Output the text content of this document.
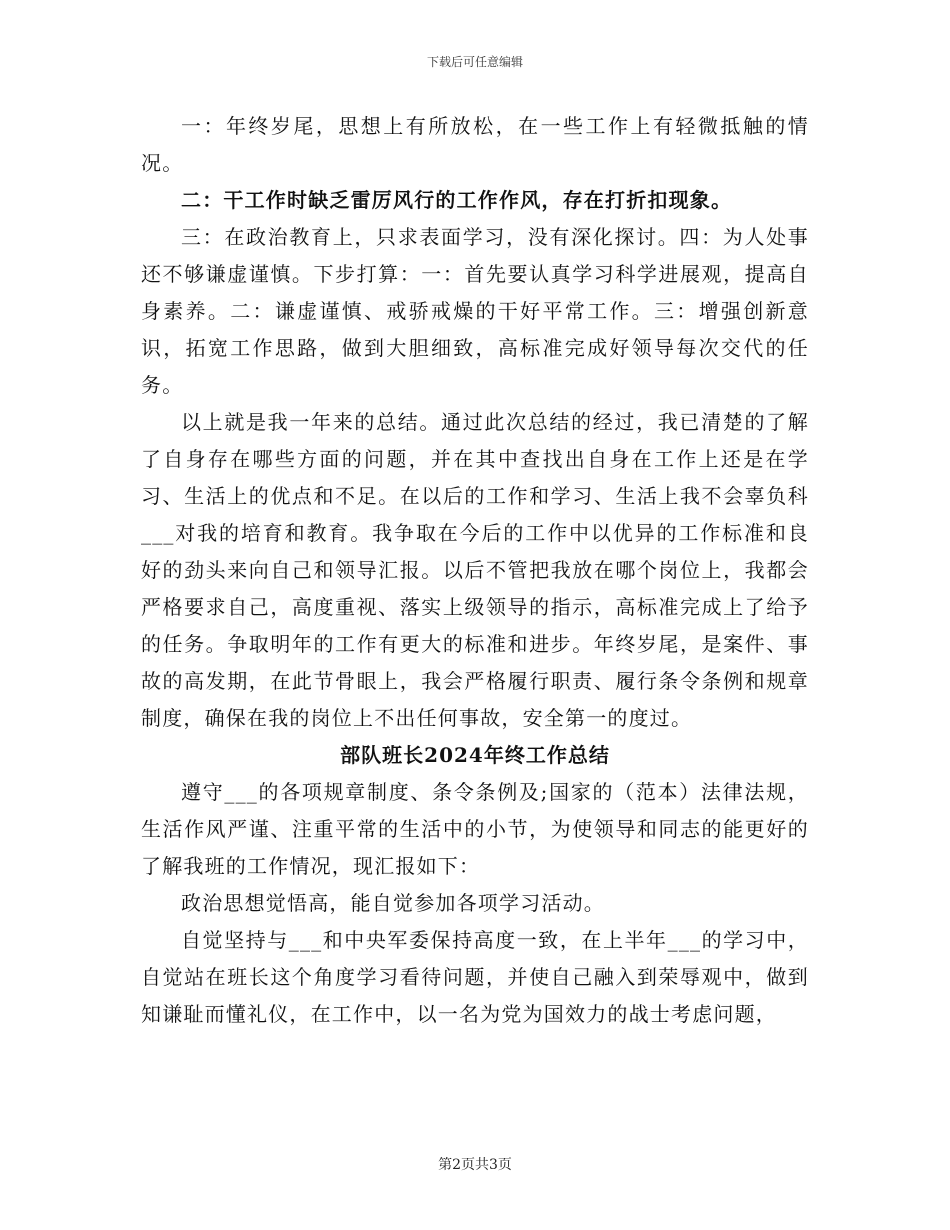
下载后可任意编辑

一：年终岁尾，思想上有所放松，在一些工作上有轻微抵触的情况。

二：干工作时缺乏雷厉风行的工作作风，存在打折扣现象。

三：在政治教育上，只求表面学习，没有深化探讨。四：为人处事还不够谦虚谨慎。下步打算：一：首先要认真学习科学进展观，提高自身素养。二：谦虚谨慎、戒骄戒燥的干好平常工作。三：增强创新意识，拓宽工作思路，做到大胆细致，高标准完成好领导每次交代的任务。

以上就是我一年来的总结。通过此次总结的经过，我已清楚的了解了自身存在哪些方面的问题，并在其中查找出自身在工作上还是在学习、生活上的优点和不足。在以后的工作和学习、生活上我不会辜负科___对我的培育和教育。我争取在今后的工作中以优异的工作标准和良好的劲头来向自己和领导汇报。以后不管把我放在哪个岗位上，我都会严格要求自己，高度重视、落实上级领导的指示，高标准完成上了给予的任务。争取明年的工作有更大的标准和进步。年终岁尾，是案件、事故的高发期，在此节骨眼上，我会严格履行职责、履行条令条例和规章制度，确保在我的岗位上不出任何事故，安全第一的度过。

部队班长2024年终工作总结

遵守___的各项规章制度、条令条例及;国家的（范本）法律法规，生活作风严谨、注重平常的生活中的小节，为使领导和同志的能更好的了解我班的工作情况，现汇报如下：

政治思想觉悟高，能自觉参加各项学习活动。

自觉坚持与___和中央军委保持高度一致，在上半年___的学习中，自觉站在班长这个角度学习看待问题，并使自己融入到荣辱观中，做到知谦耻而懂礼仪，在工作中，以一名为党为国效力的战士考虑问题，

第2页共3页
